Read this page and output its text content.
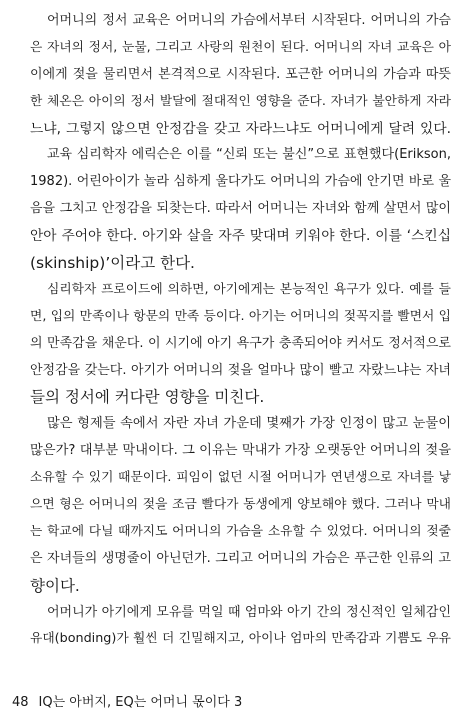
어머니의 정서 교육은 어머니의 가슴에서부터 시작된다. 어머니의 가슴
은 자녀의 정서, 눈물, 그리고 사랑의 원천이 된다. 어머니의 자녀 교육은 아
이에게 젖을 물리면서 본격적으로 시작된다. 포근한 어머니의 가슴과 따뜻
한 체온은 아이의 정서 발달에 절대적인 영향을 준다. 자녀가 불안하게 자라
느냐, 그렇지 않으면 안정감을 갖고 자라느냐도 어머니에게 달려 있다.
교육 심리학자 에릭슨은 이를 “신뢰 또는 불신”으로 표현했다(Erikson,
1982). 어린아이가 놀라 심하게 울다가도 어머니의 가슴에 안기면 바로 울
음을 그치고 안정감을 되찾는다. 따라서 어머니는 자녀와 함께 살면서 많이
안아 주어야 한다. 아기와 살을 자주 맞대며 키워야 한다. 이를 ‘스킨십
(skinship)’이라고 한다.
심리학자 프로이드에 의하면, 아기에게는 본능적인 욕구가 있다. 예를 들
면, 입의 만족이나 항문의 만족 등이다. 아기는 어머니의 젖꼭지를 빨면서 입
의 만족감을 채운다. 이 시기에 아기 욕구가 충족되어야 커서도 정서적으로
안정감을 갖는다. 아기가 어머니의 젖을 얼마나 많이 빨고 자랐느냐는 자녀
들의 정서에 커다란 영향을 미친다.
많은 형제들 속에서 자란 자녀 가운데 몇째가 가장 인정이 많고 눈물이
많은가? 대부분 막내이다. 그 이유는 막내가 가장 오랫동안 어머니의 젖을
소유할 수 있기 때문이다. 피임이 없던 시절 어머니가 연년생으로 자녀를 낳
으면 형은 어머니의 젖을 조금 빨다가 동생에게 양보해야 했다. 그러나 막내
는 학교에 다닐 때까지도 어머니의 가슴을 소유할 수 있었다. 어머니의 젖줄
은 자녀들의 생명줄이 아닌던가. 그리고 어머니의 가슴은 푸근한 인류의 고
향이다.
어머니가 아기에게 모유를 먹일 때 엄마와 아기 간의 정신적인 일체감인
유대(bonding)가 훨씬 더 긴밀해지고, 아이나 엄마의 만족감과 기쁨도 우유
48 IQ는 아버지, EQ는 어머니 몫이다 3
